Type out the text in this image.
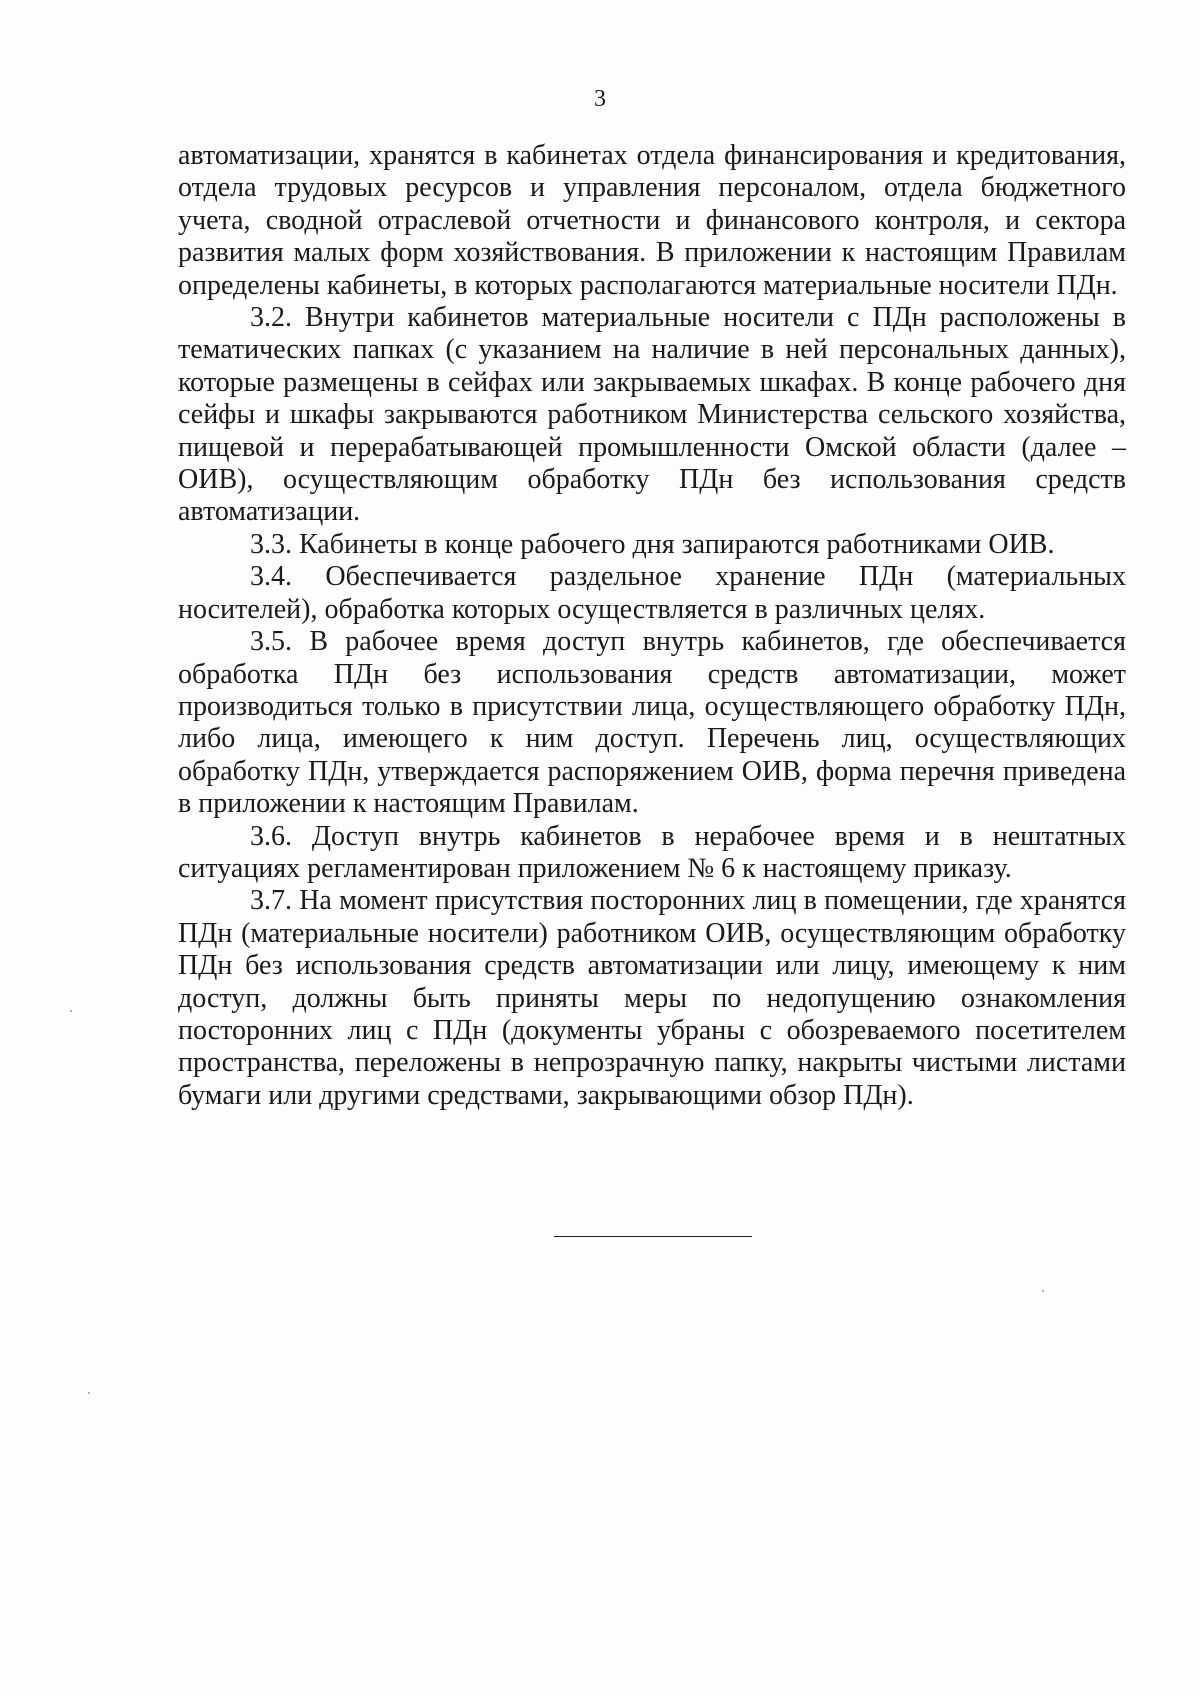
3

автоматизации, хранятся в кабинетах отдела финансирования и кредитования, отдела трудовых ресурсов и управления персоналом, отдела бюджетного учета, сводной отраслевой отчетности и финансового контроля, и сектора развития малых форм хозяйствования. В приложении к настоящим Правилам определены кабинеты, в которых располагаются материальные носители ПДн.

3.2. Внутри кабинетов материальные носители с ПДн расположены в тематических папках (с указанием на наличие в ней персональных данных), которые размещены в сейфах или закрываемых шкафах. В конце рабочего дня сейфы и шкафы закрываются работником Министерства сельского хозяйства, пищевой и перерабатывающей промышленности Омской области (далее – ОИВ), осуществляющим обработку ПДн без использования средств автоматизации.

3.3. Кабинеты в конце рабочего дня запираются работниками ОИВ.

3.4. Обеспечивается раздельное хранение ПДн (материальных носителей), обработка которых осуществляется в различных целях.

3.5. В рабочее время доступ внутрь кабинетов, где обеспечивается обработка ПДн без использования средств автоматизации, может производиться только в присутствии лица, осуществляющего обработку ПДн, либо лица, имеющего к ним доступ. Перечень лиц, осуществляющих обработку ПДн, утверждается распоряжением ОИВ, форма перечня приведена в приложении к настоящим Правилам.

3.6. Доступ внутрь кабинетов в нерабочее время и в нештатных ситуациях регламентирован приложением № 6 к настоящему приказу.

3.7. На момент присутствия посторонних лиц в помещении, где хранятся ПДн (материальные носители) работником ОИВ, осуществляющим обработку ПДн без использования средств автоматизации или лицу, имеющему к ним доступ, должны быть приняты меры по недопущению ознакомления посторонних лиц с ПДн (документы убраны с обозреваемого посетителем пространства, переложены в непрозрачную папку, накрыты чистыми листами бумаги или другими средствами, закрывающими обзор ПДн).
